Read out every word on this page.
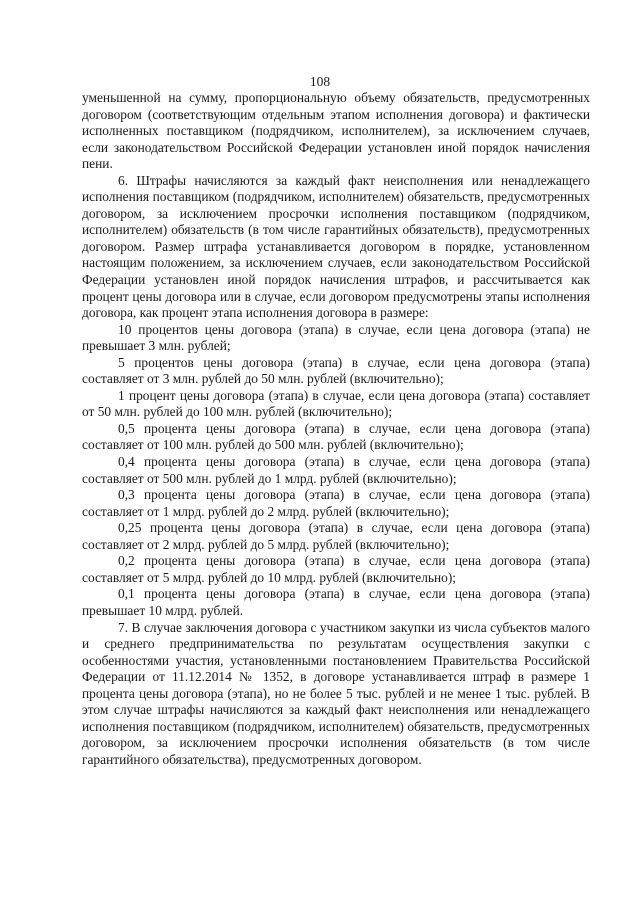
108

уменьшенной на сумму, пропорциональную объему обязательств, предусмотренных договором (соответствующим отдельным этапом исполнения договора) и фактически исполненных поставщиком (подрядчиком, исполнителем), за исключением случаев, если законодательством Российской Федерации установлен иной порядок начисления пени.

6. Штрафы начисляются за каждый факт неисполнения или ненадлежащего исполнения поставщиком (подрядчиком, исполнителем) обязательств, предусмотренных договором, за исключением просрочки исполнения поставщиком (подрядчиком, исполнителем) обязательств (в том числе гарантийных обязательств), предусмотренных договором. Размер штрафа устанавливается договором в порядке, установленном настоящим положением, за исключением случаев, если законодательством Российской Федерации установлен иной порядок начисления штрафов, и рассчитывается как процент цены договора или в случае, если договором предусмотрены этапы исполнения договора, как процент этапа исполнения договора в размере:

10 процентов цены договора (этапа) в случае, если цена договора (этапа) не превышает 3 млн. рублей;

5 процентов цены договора (этапа) в случае, если цена договора (этапа) составляет от 3 млн. рублей до 50 млн. рублей (включительно);

1 процент цены договора (этапа) в случае, если цена договора (этапа) составляет от 50 млн. рублей до 100 млн. рублей (включительно);

0,5 процента цены договора (этапа) в случае, если цена договора (этапа) составляет от 100 млн. рублей до 500 млн. рублей (включительно);

0,4 процента цены договора (этапа) в случае, если цена договора (этапа) составляет от 500 млн. рублей до 1 млрд. рублей (включительно);

0,3 процента цены договора (этапа) в случае, если цена договора (этапа) составляет от 1 млрд. рублей до 2 млрд. рублей (включительно);

0,25 процента цены договора (этапа) в случае, если цена договора (этапа) составляет от 2 млрд. рублей до 5 млрд. рублей (включительно);

0,2 процента цены договора (этапа) в случае, если цена договора (этапа) составляет от 5 млрд. рублей до 10 млрд. рублей (включительно);

0,1 процента цены договора (этапа) в случае, если цена договора (этапа) превышает 10 млрд. рублей.

7. В случае заключения договора с участником закупки из числа субъектов малого и среднего предпринимательства по результатам осуществления закупки с особенностями участия, установленными постановлением Правительства Российской Федерации от 11.12.2014 № 1352, в договоре устанавливается штраф в размере 1 процента цены договора (этапа), но не более 5 тыс. рублей и не менее 1 тыс. рублей. В этом случае штрафы начисляются за каждый факт неисполнения или ненадлежащего исполнения поставщиком (подрядчиком, исполнителем) обязательств, предусмотренных договором, за исключением просрочки исполнения обязательств (в том числе гарантийного обязательства), предусмотренных договором.
